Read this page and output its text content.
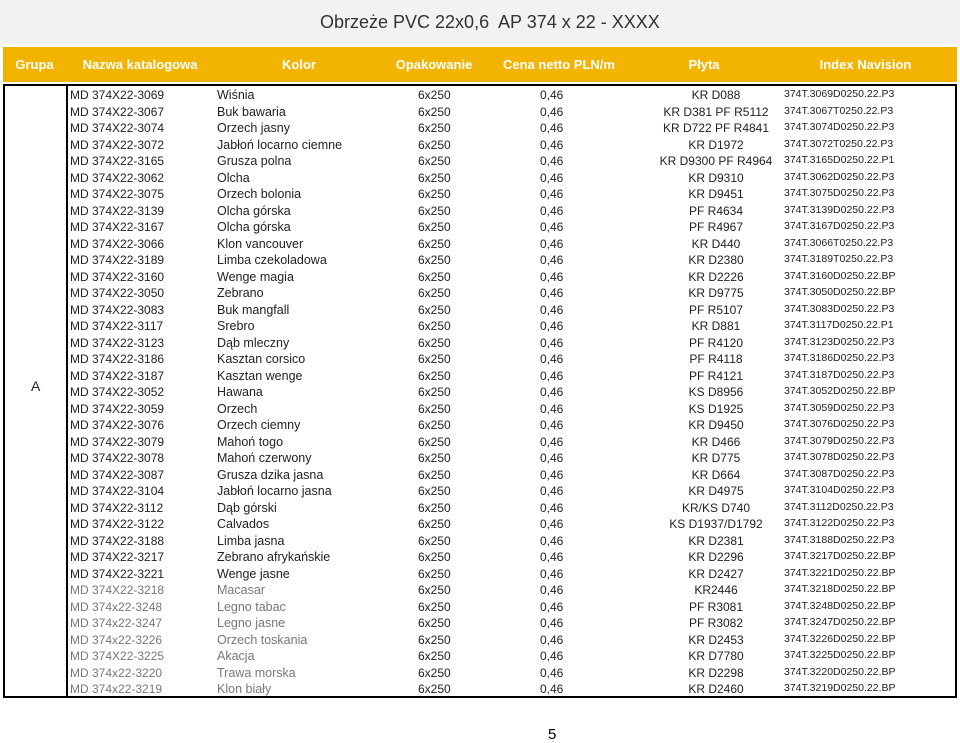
Obrzeże PVC 22x0,6 AP 374 x 22 - XXXX
Grupa	Nazwa katalogowa	Kolor	Opakowanie	Cena netto PLN/m	Płyta	Index Navision
A
MD 374X22-3069	Wiśnia	6x250	0,46	KR D088	374T.3069D0250.22.P3
MD 374X22-3067	Buk bawaria	6x250	0,46	KR D381 PF R5112	374T.3067T0250.22.P3
MD 374X22-3074	Orzech jasny	6x250	0,46	KR D722 PF R4841	374T.3074D0250.22.P3
MD 374X22-3072	Jabłoń locarno ciemne	6x250	0,46	KR D1972	374T.3072T0250.22.P3
MD 374X22-3165	Grusza polna	6x250	0,46	KR D9300 PF R4964	374T.3165D0250.22.P1
MD 374X22-3062	Olcha	6x250	0,46	KR D9310	374T.3062D0250.22.P3
MD 374X22-3075	Orzech bolonia	6x250	0,46	KR D9451	374T.3075D0250.22.P3
MD 374X22-3139	Olcha górska	6x250	0,46	PF R4634	374T.3139D0250.22.P3
MD 374X22-3167	Olcha górska	6x250	0,46	PF R4967	374T.3167D0250.22.P3
MD 374X22-3066	Klon vancouver	6x250	0,46	KR D440	374T.3066T0250.22.P3
MD 374X22-3189	Limba czekoladowa	6x250	0,46	KR D2380	374T.3189T0250.22.P3
MD 374X22-3160	Wenge magia	6x250	0,46	KR D2226	374T.3160D0250.22.BP
MD 374X22-3050	Zebrano	6x250	0,46	KR D9775	374T.3050D0250.22.BP
MD 374X22-3083	Buk mangfall	6x250	0,46	PF R5107	374T.3083D0250.22.P3
MD 374X22-3117	Srebro	6x250	0,46	KR D881	374T.3117D0250.22.P1
MD 374X22-3123	Dąb mleczny	6x250	0,46	PF R4120	374T.3123D0250.22.P3
MD 374X22-3186	Kasztan corsico	6x250	0,46	PF R4118	374T.3186D0250.22.P3
MD 374X22-3187	Kasztan wenge	6x250	0,46	PF R4121	374T.3187D0250.22.P3
MD 374X22-3052	Hawana	6x250	0,46	KS D8956	374T.3052D0250.22.BP
MD 374X22-3059	Orzech	6x250	0,46	KS D1925	374T.3059D0250.22.P3
MD 374X22-3076	Orzech ciemny	6x250	0,46	KR D9450	374T.3076D0250.22.P3
MD 374X22-3079	Mahoń togo	6x250	0,46	KR D466	374T.3079D0250.22.P3
MD 374X22-3078	Mahoń czerwony	6x250	0,46	KR D775	374T.3078D0250.22.P3
MD 374X22-3087	Grusza dzika jasna	6x250	0,46	KR D664	374T.3087D0250.22.P3
MD 374X22-3104	Jabłoń locarno jasna	6x250	0,46	KR D4975	374T.3104D0250.22.P3
MD 374X22-3112	Dąb górski	6x250	0,46	KR/KS D740	374T.3112D0250.22.P3
MD 374X22-3122	Calvados	6x250	0,46	KS D1937/D1792	374T.3122D0250.22.P3
MD 374X22-3188	Limba jasna	6x250	0,46	KR D2381	374T.3188D0250.22.P3
MD 374X22-3217	Zebrano afrykańskie	6x250	0,46	KR D2296	374T.3217D0250.22.BP
MD 374X22-3221	Wenge jasne	6x250	0,46	KR D2427	374T.3221D0250.22.BP
MD 374X22-3218	Macasar	6x250	0,46	KR2446	374T.3218D0250.22.BP
MD 374x22-3248	Legno tabac	6x250	0,46	PF R3081	374T.3248D0250.22.BP
MD 374x22-3247	Legno jasne	6x250	0,46	PF R3082	374T.3247D0250.22.BP
MD 374x22-3226	Orzech toskania	6x250	0,46	KR D2453	374T.3226D0250.22.BP
MD 374X22-3225	Akacja	6x250	0,46	KR D7780	374T.3225D0250.22.BP
MD 374x22-3220	Trawa morska	6x250	0,46	KR D2298	374T.3220D0250.22.BP
MD 374x22-3219	Klon biały	6x250	0,46	KR D2460	374T.3219D0250.22.BP
5
